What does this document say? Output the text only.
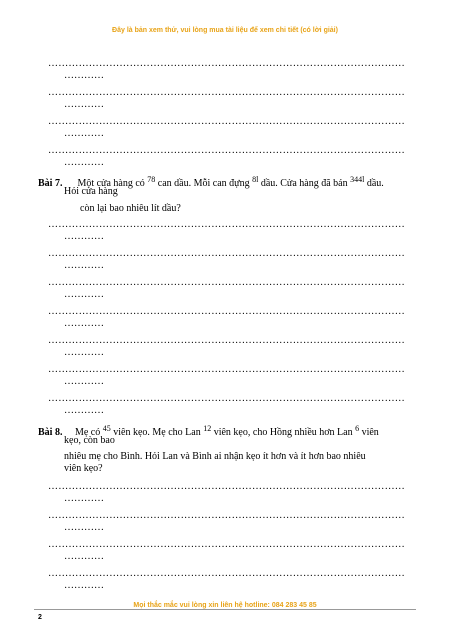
Đây là bản xem thử, vui lòng mua tài liệu để xem chi tiết (có lời giải)
……………………………………………………………………………………………
…………
……………………………………………………………………………………………
…………
……………………………………………………………………………………………
…………
……………………………………………………………………………………………
…………
Bài 7. Một cửa hàng có $^{78}$ can dầu. Mỗi can đựng $^{8l}$ dầu. Cửa hàng đã bán $^{344l}$ dầu.
Hỏi cửa hàng
còn lại bao nhiêu lít dầu?
……………………………………………………………………………………………
…………
……………………………………………………………………………………………
…………
……………………………………………………………………………………………
…………
……………………………………………………………………………………………
…………
……………………………………………………………………………………………
…………
……………………………………………………………………………………………
…………
……………………………………………………………………………………………
…………
Bài 8. Mẹ có $^{45}$ viên kẹo. Mẹ cho Lan $^{12}$ viên kẹo, cho Hồng nhiều hơn Lan $^6$ viên
kẹo, còn bao
nhiêu mẹ cho Bình. Hỏi Lan và Bình ai nhận kẹo ít hơn và ít hơn bao nhiêu
viên kẹo?
……………………………………………………………………………………………
…………
……………………………………………………………………………………………
…………
……………………………………………………………………………………………
…………
……………………………………………………………………………………………
…………
Mọi thắc mắc vui lòng xin liên hệ hotline: 084 283 45 85
2
